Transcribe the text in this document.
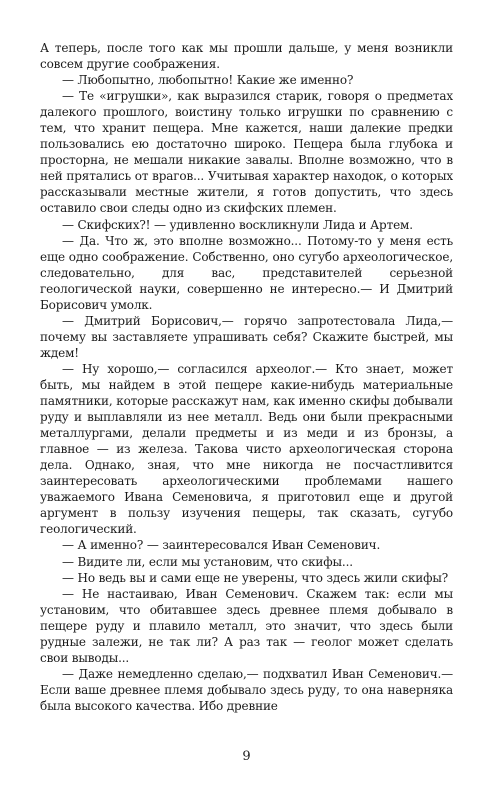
А теперь, после того как мы прошли дальше, у меня возникли совсем другие соображения.

— Любопытно, любопытно! Какие же именно?

— Те «игрушки», как выразился старик, говоря о предметах далекого прошлого, воистину только игрушки по сравнению с тем, что хранит пещера. Мне кажется, наши далекие предки пользовались ею достаточно широко. Пещера была глубока и просторна, не мешали никакие завалы. Вполне возможно, что в ней прятались от врагов... Учитывая характер находок, о которых рассказывали местные жители, я готов допустить, что здесь оставило свои следы одно из скифских племен.

— Скифских?! — удивленно воскликнули Лида и Артем.

— Да. Что ж, это вполне возможно... Потому-то у меня есть еще одно соображение. Собственно, оно сугубо археологическое, следовательно, для вас, представителей серьезной геологической науки, совершенно не интересно.— И Дмитрий Борисович умолк.

— Дмитрий Борисович,— горячо запротестовала Лида,— почему вы заставляете упрашивать себя? Скажите быстрей, мы ждем!

— Ну хорошо,— согласился археолог.— Кто знает, может быть, мы найдем в этой пещере какие-нибудь материальные памятники, которые расскажут нам, как именно скифы добывали руду и выплавляли из нее металл. Ведь они были прекрасными металлургами, делали предметы и из меди и из бронзы, а главное — из железа. Такова чисто археологическая сторона дела. Однако, зная, что мне никогда не посчастливится заинтересовать археологическими проблемами нашего уважаемого Ивана Семеновича, я приготовил еще и другой аргумент в пользу изучения пещеры, так сказать, сугубо геологический.

— А именно? — заинтересовался Иван Семенович.

— Видите ли, если мы установим, что скифы...

— Но ведь вы и сами еще не уверены, что здесь жили скифы?

— Не настаиваю, Иван Семенович. Скажем так: если мы установим, что обитавшее здесь древнее племя добывало в пещере руду и плавило металл, это значит, что здесь были рудные залежи, не так ли? А раз так — геолог может сделать свои выводы...

— Даже немедленно сделаю,— подхватил Иван Семенович.— Если ваше древнее племя добывало здесь руду, то она наверняка была высокого качества. Ибо древние

9
